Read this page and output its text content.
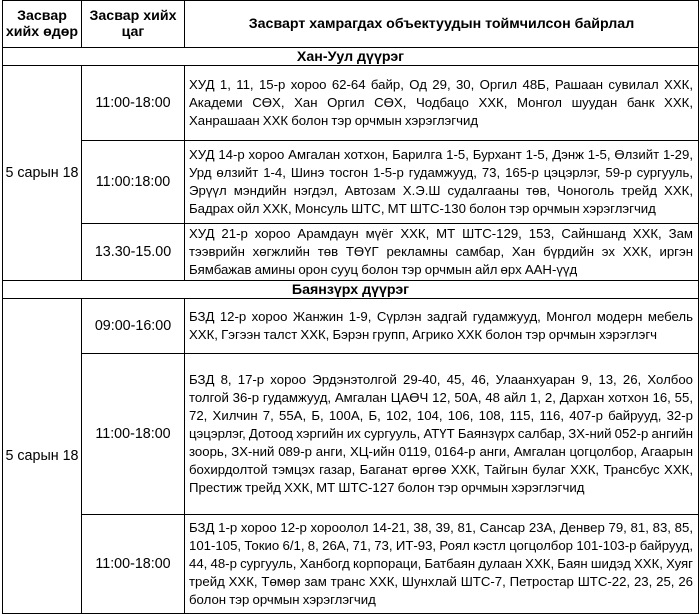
Засвар хийх өдөр	Засвар хийх цаг	Засварт хамрагдах объектуудын тоймчилсон байрлал
Хан-Уул дүүрэг		
5 сарын 18	11:00-18:00	ХУД 1, 11, 15-р хороо 62-64 байр, Од 29, 30, Оргил 48Б, Рашаан сувилал ХХК, Академи СӨХ, Хан Оргил СӨХ, Чодбацо ХХК, Монгол шуудан банк ХХК, Ханрашаан ХХК болон тэр орчмын хэрэглэгчид
	11:00:18:00	ХУД 14-р хороо Амгалан хотхон, Барилга 1-5, Бурхант 1-5, Дэнж 1-5, Өлзийт 1-29, Урд өлзийт 1-4, Шинэ тосгон 1-5-р гудамжууд, 73, 165-р цэцэрлэг, 59-р сургууль, Эрүүл мэндийн нэгдэл, Автозам Х.Э.Ш судалгааны төв, Чоноголь трейд ХХК, Бадрах ойл ХХК, Монсуль ШТС, МТ ШТС-130 болон тэр орчмын хэрэглэгчид
	13.30-15.00	ХУД 21-р хороо Арамдаун мүёг ХХК, МТ ШТС-129, 153, Сайншанд ХХК, Зам тээврийн хөгжлийн төв ТӨҮГ рекламны самбар, Хан бүрдийн эх ХХК, иргэн Бямбажав амины орон сууц болон тэр орчмын айл өрх ААН-үүд
Баянзүрх дүүрэг		
5 сарын 18	09:00-16:00	БЗД 12-р хороо Жанжин 1-9, Сүрлэн задгай гудамжууд, Монгол модерн мебель ХХК, Гэгээн талст ХХК, Бэрэн групп, Агрико ХХК болон тэр орчмын хэрэглэгч
	11:00-18:00	БЗД 8, 17-р хороо Эрдэнэтолгой 29-40, 45, 46, Улаанхуаран 9, 13, 26, Холбоо толгой 36-р гудамжууд, Амгалан ЦАӨЧ 12, 50А, 48 айл 1, 2, Дархан хотхон 16, 55, 72, Хилчин 7, 55А, Б, 100А, Б, 102, 104, 106, 108, 115, 116, 407-р байрууд, 32-р цэцэрлэг, Дотоод хэргийн их сургууль, АТҮТ Баянзүрх салбар, ЗХ-ний 052-р ангийн зоорь, ЗХ-ний 089-р анги, ХЦ-ийн 0119, 0164-р анги, Амгалан цогцолбор, Агаарын бохирдолтой тэмцэх газар, Баганат өргөө ХХК, Тайгын булаг ХХК, Трансбус ХХК, Престиж трейд ХХК, МТ ШТС-127 болон тэр орчмын хэрэглэгчид
	11:00-18:00	БЗД 1-р хороо 12-р хороолол 14-21, 38, 39, 81, Сансар 23А, Денвер 79, 81, 83, 85, 101-105, Токио 6/1, 8, 26А, 71, 73, ИТ-93, Роял кэстл цогцолбор 101-103-р байрууд, 44, 48-р сургууль, Ханбогд корпораци, Батбаян дулаан ХХК, Баян шидэд ХХК, Хуяг трейд ХХК, Төмөр зам транс ХХК, Шунхлай ШТС-7, Петростар ШТС-22, 23, 25, 26 болон тэр орчмын хэрэглэгчид
